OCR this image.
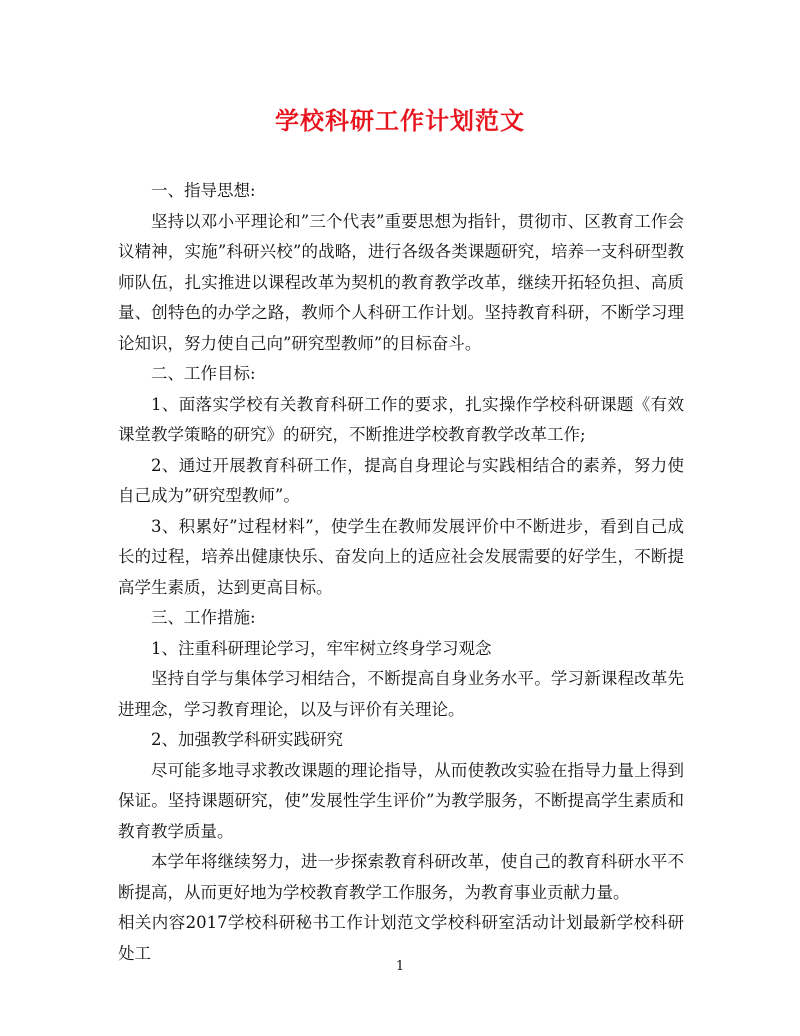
学校科研工作计划范文

一、指导思想:

坚持以邓小平理论和”三个代表”重要思想为指针，贯彻市、区教育工作会议精神，实施”科研兴校”的战略，进行各级各类课题研究，培养一支科研型教师队伍，扎实推进以课程改革为契机的教育教学改革，继续开拓轻负担、高质量、创特色的办学之路，教师个人科研工作计划。坚持教育科研，不断学习理论知识，努力使自己向”研究型教师”的目标奋斗。

二、工作目标:

1、面落实学校有关教育科研工作的要求，扎实操作学校科研课题《有效课堂教学策略的研究》的研究，不断推进学校教育教学改革工作;

2、通过开展教育科研工作，提高自身理论与实践相结合的素养，努力使自己成为”研究型教师”。

3、积累好”过程材料”，使学生在教师发展评价中不断进步，看到自己成长的过程，培养出健康快乐、奋发向上的适应社会发展需要的好学生，不断提高学生素质，达到更高目标。

三、工作措施:

1、注重科研理论学习，牢牢树立终身学习观念

坚持自学与集体学习相结合，不断提高自身业务水平。学习新课程改革先进理念，学习教育理论，以及与评价有关理论。

2、加强教学科研实践研究

尽可能多地寻求教改课题的理论指导，从而使教改实验在指导力量上得到保证。坚持课题研究，使”发展性学生评价”为教学服务，不断提高学生素质和教育教学质量。

本学年将继续努力，进一步探索教育科研改革，使自己的教育科研水平不断提高，从而更好地为学校教育教学工作服务，为教育事业贡献力量。

相关内容2017学校科研秘书工作计划范文学校科研室活动计划最新学校科研处工

1
